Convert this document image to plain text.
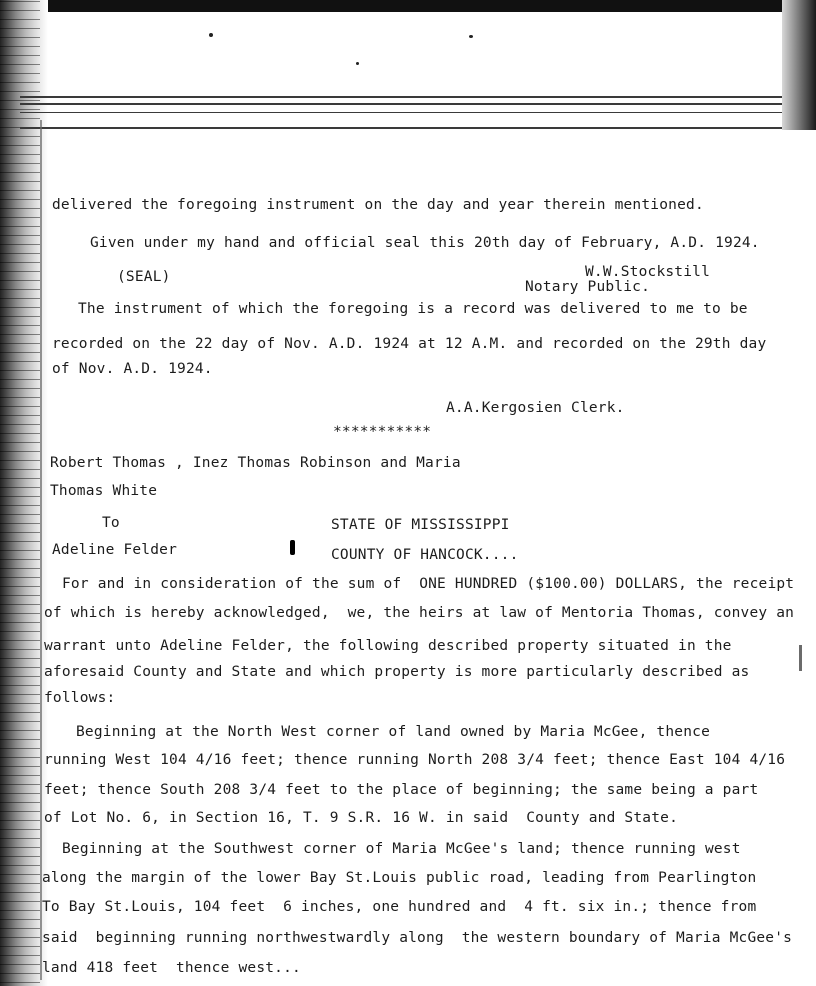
delivered the foregoing instrument on the day and year therein mentioned.
Given under my hand and official seal this 20th day of February, A.D. 1924.
(SEAL)	W.W.Stockstill
Notary Public.
The instrument of which the foregoing is a record was delivered to me to be
recorded on the 22 day of Nov. A.D. 1924 at 12 A.M. and recorded on the 29th day
of Nov. A.D. 1924.
A.A.Kergosien Clerk.
***********
Robert Thomas , Inez Thomas Robinson and Maria
Thomas White
To	STATE OF MISSISSIPPI
Adeline Felder	COUNTY OF HANCOCK....
For and in consideration of the sum of  ONE HUNDRED ($100.00) DOLLARS, the receipt
of which is hereby acknowledged,  we, the heirs at law of Mentoria Thomas, convey an
warrant unto Adeline Felder, the following described property situated in the
aforesaid County and State and which property is more particularly described as
follows:
Beginning at the North West corner of land owned by Maria McGee, thence
running West 104 4/16 feet; thence running North 208 3/4 feet; thence East 104 4/16
feet; thence South 208 3/4 feet to the place of beginning; the same being a part
of Lot No. 6, in Section 16, T. 9 S.R. 16 W. in said  County and State.
Beginning at the Southwest corner of Maria McGee's land; thence running west
along the margin of the lower Bay St.Louis public road, leading from Pearlington
To Bay St.Louis, 104 feet  6 inches, one hundred and  4 ft. six in.; thence from
said  beginning running northwestwardly along  the western boundary of Maria McGee's
land 418 feet  thence west...
